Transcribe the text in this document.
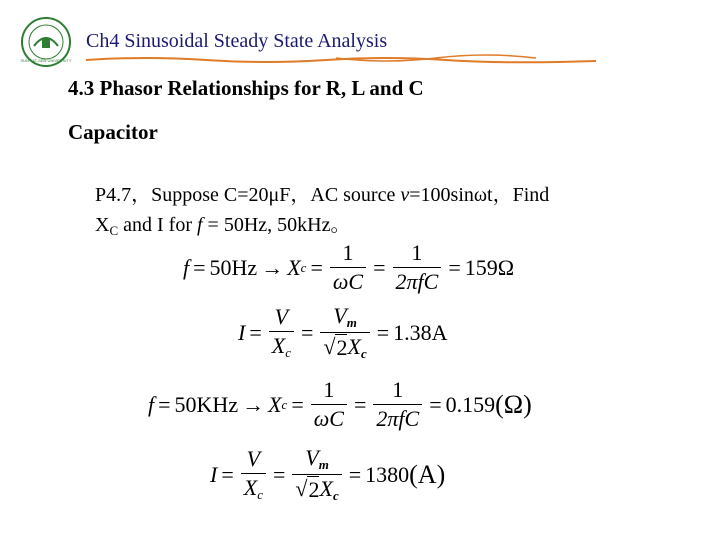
SUN YAT-SEN UNIVERSITY
Ch4 Sinusoidal Steady State Analysis
4.3 Phasor Relationships for R, L and C
Capacitor
P4.7，Suppose C=20μF，AC source v=100sinωt，Find
$X_C$ and I for f = 50Hz, 50kHz。
f = 50Hz → X $c = \frac{1}{\omega C} = \frac{1}{\text{2πfC}} = 159\Omega$
$I = \frac{V}{X_c} = \frac{V_m}{√ 2 X_c} = 1.38A$
f = 50KHz → X $c = \frac{1}{\omega C} = \frac{1}{\text{2πfC}} = 0.159$ (Ω)
$I = \frac{V}{X_c} = \frac{V_m}{√ 2 X_c} = 1380$ (A)
